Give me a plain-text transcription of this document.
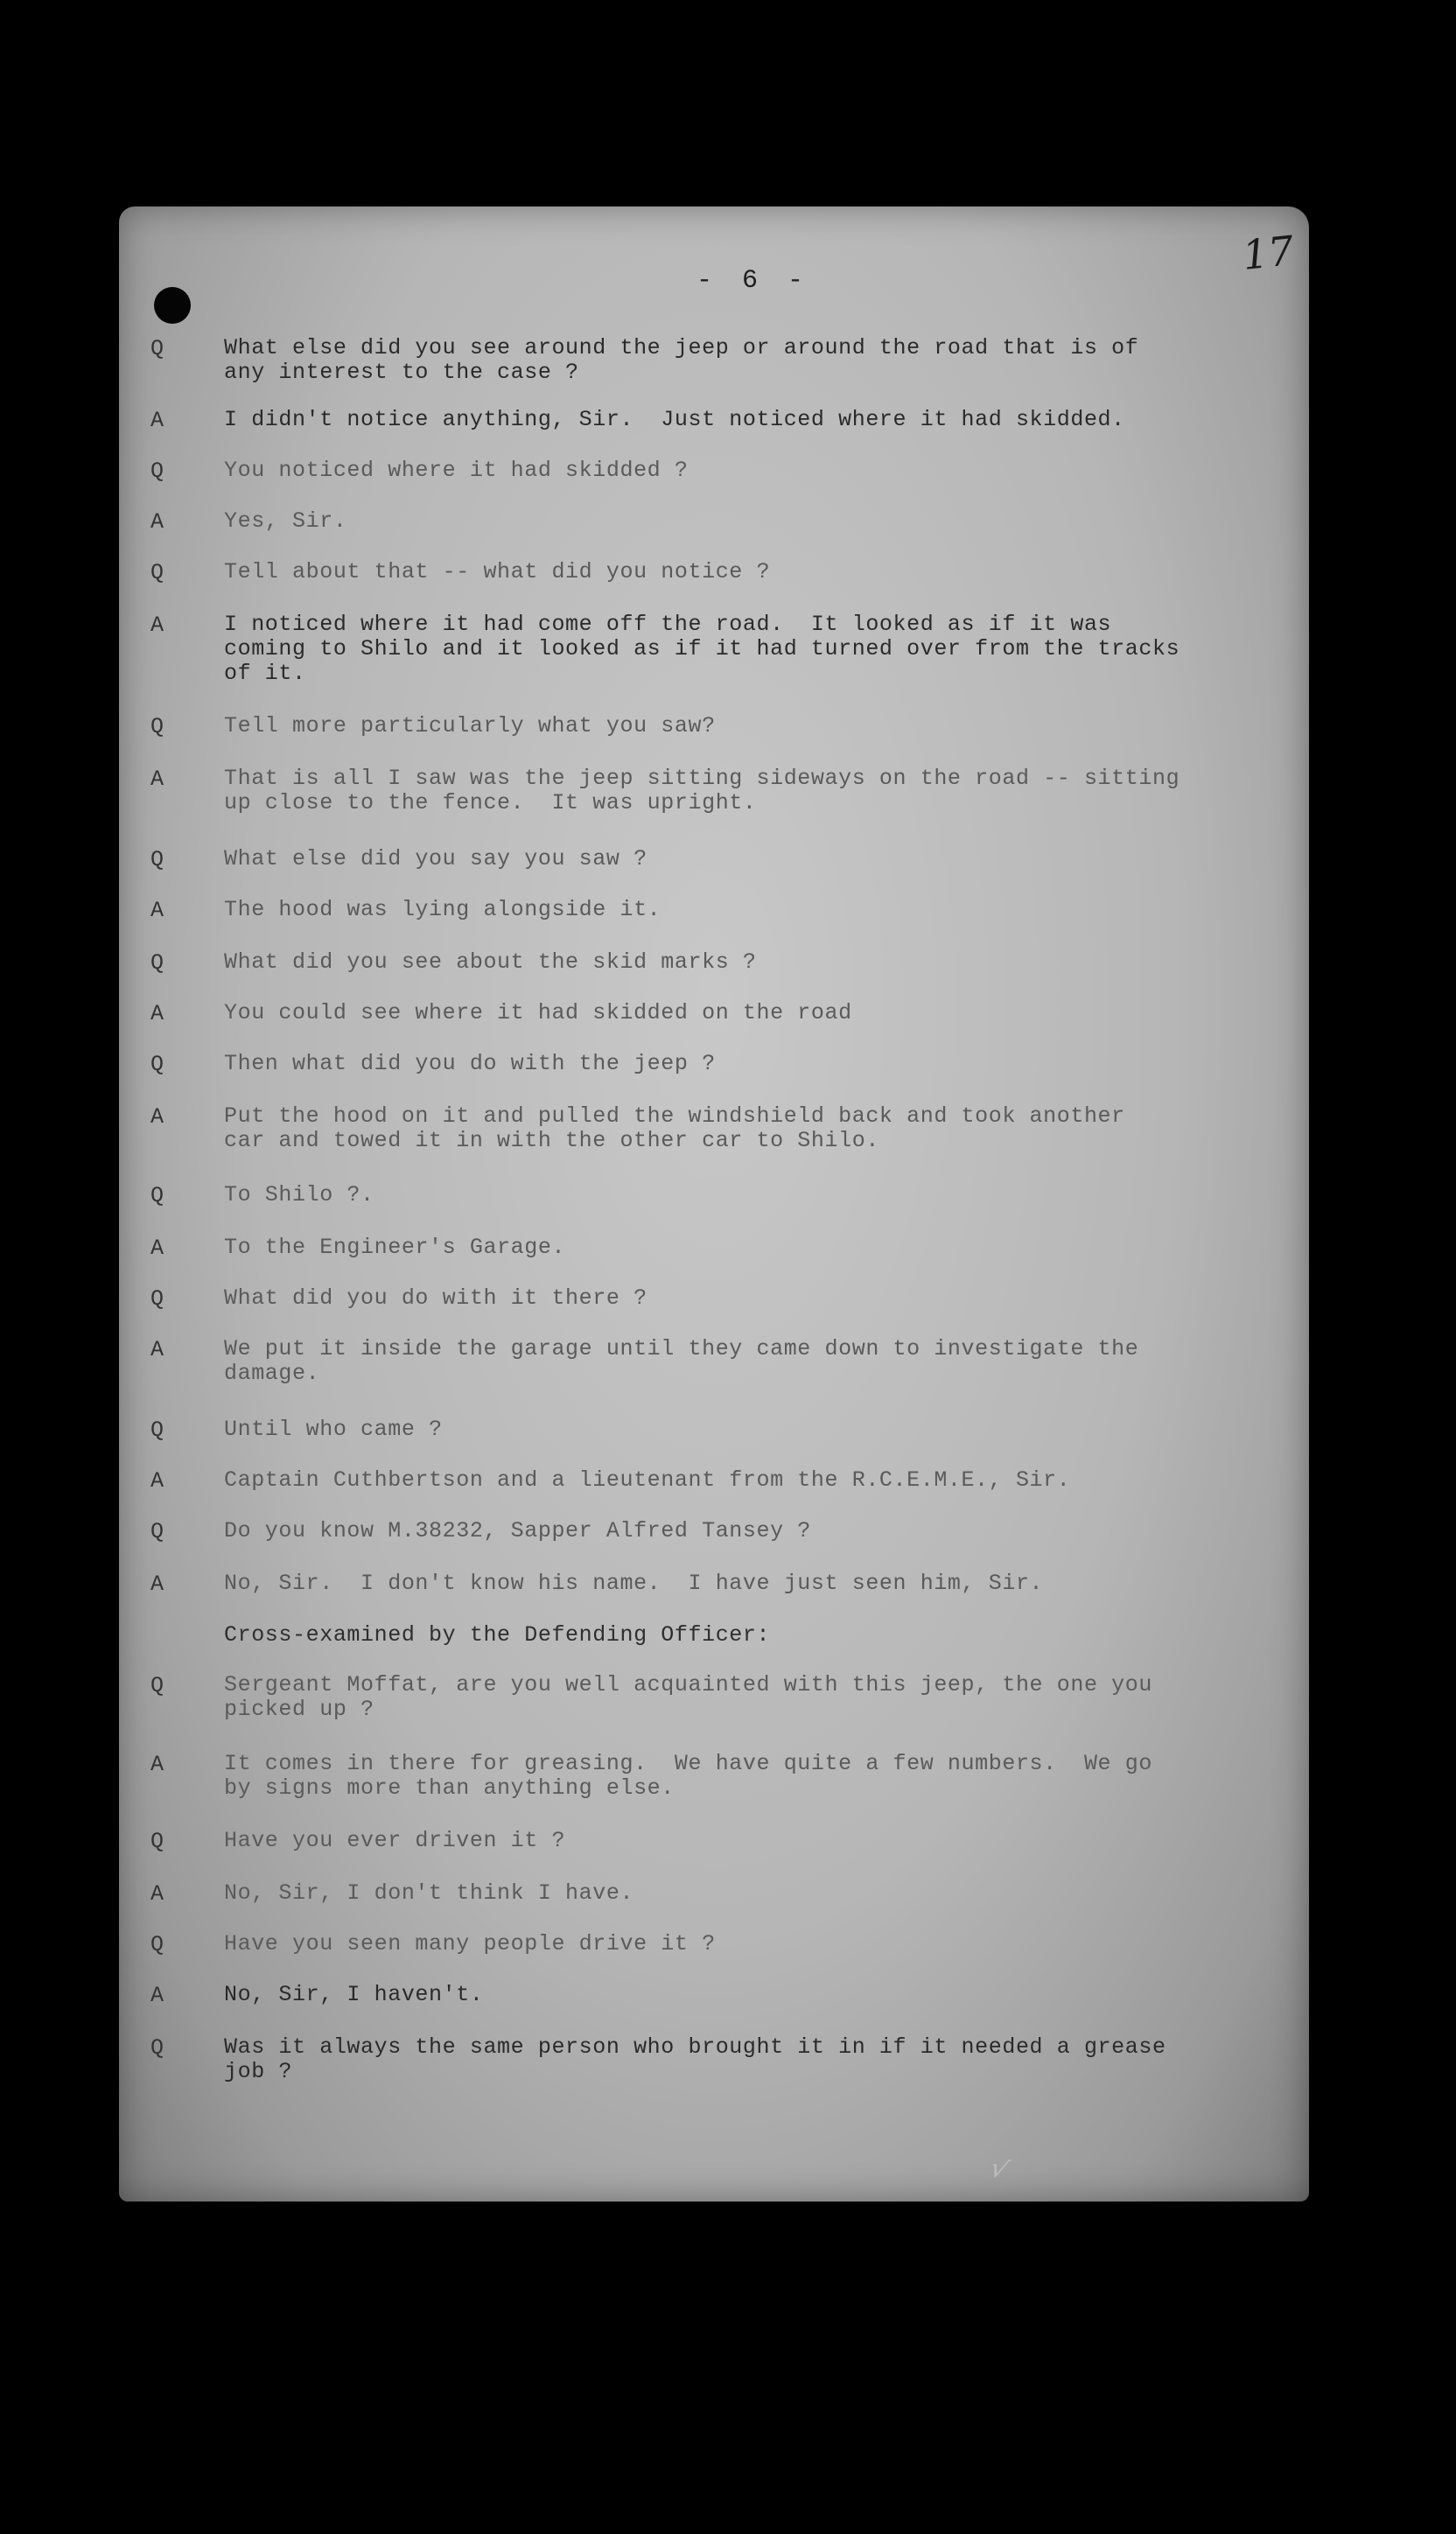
- 6 -
17
Q	What else did you see around the jeep or around the road that is of
any interest to the case ?
A	I didn't notice anything, Sir.  Just noticed where it had skidded.
Q	You noticed where it had skidded ?
A	Yes, Sir.
Q	Tell about that -- what did you notice ?
A	I noticed where it had come off the road.  It looked as if it was
coming to Shilo and it looked as if it had turned over from the tracks
of it.
Q	Tell more particularly what you saw?
A	That is all I saw was the jeep sitting sideways on the road -- sitting
up close to the fence.  It was upright.
Q	What else did you say you saw ?
A	The hood was lying alongside it.
Q	What did you see about the skid marks ?
A	You could see where it had skidded on the road
Q	Then what did you do with the jeep ?
A	Put the hood on it and pulled the windshield back and took another
car and towed it in with the other car to Shilo.
Q	To Shilo ?.
A	To the Engineer's Garage.
Q	What did you do with it there ?
A	We put it inside the garage until they came down to investigate the
damage.
Q	Until who came ?
A	Captain Cuthbertson and a lieutenant from the R.C.E.M.E., Sir.
Q	Do you know M.38232, Sapper Alfred Tansey ?
A	No, Sir.  I don't know his name.  I have just seen him, Sir.
Cross-examined by the Defending Officer:
Q	Sergeant Moffat, are you well acquainted with this jeep, the one you
picked up ?
A	It comes in there for greasing.  We have quite a few numbers.  We go
by signs more than anything else.
Q	Have you ever driven it ?
A	No, Sir, I don't think I have.
Q	Have you seen many people drive it ?
A	No, Sir, I haven't.
Q	Was it always the same person who brought it in if it needed a grease
job ?
√
